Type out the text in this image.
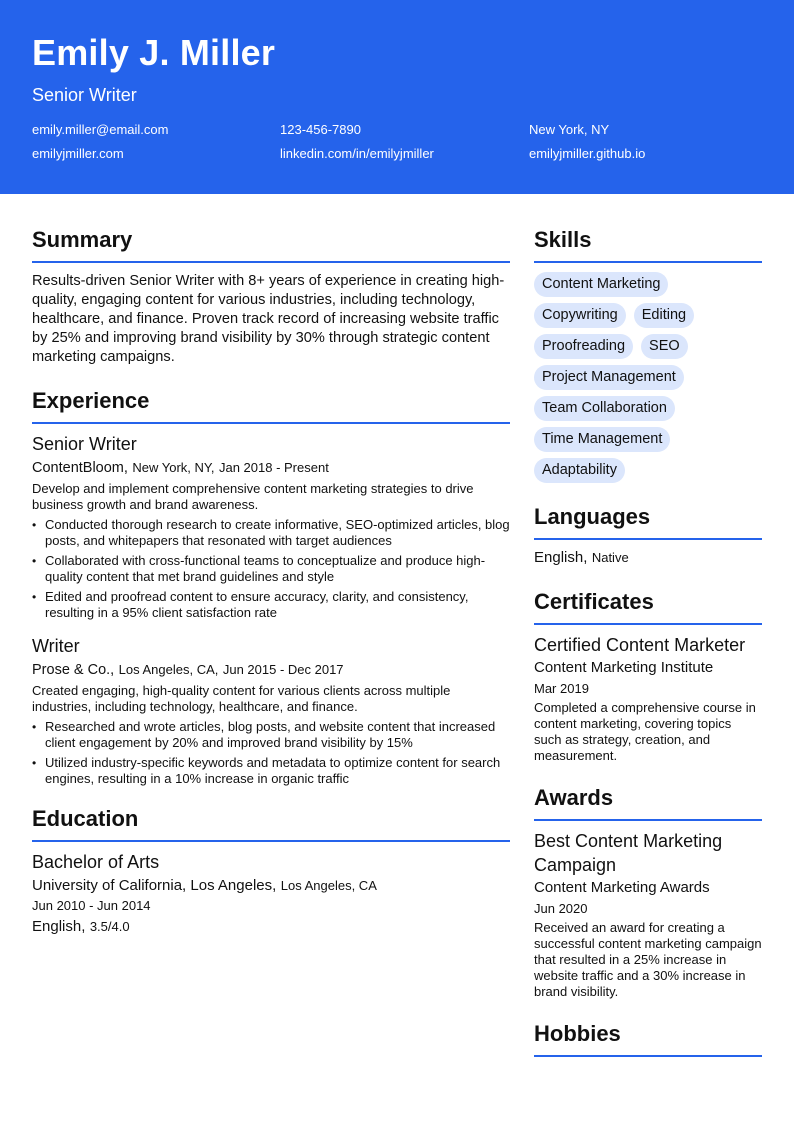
Emily J. Miller
Senior Writer
emily.miller@email.com	123-456-7890	New York, NY
emilyjmiller.com	linkedin.com/in/emilyjmiller	emilyjmiller.github.io
Summary
Results-driven Senior Writer with 8+ years of experience in creating high-quality, engaging content for various industries, including technology, healthcare, and finance. Proven track record of increasing website traffic by 25% and improving brand visibility by 30% through strategic content marketing campaigns.
Experience
Senior Writer
ContentBloom, New York, NY, Jan 2018 - Present
Develop and implement comprehensive content marketing strategies to drive business growth and brand awareness.
• Conducted thorough research to create informative, SEO-optimized articles, blog posts, and whitepapers that resonated with target audiences
• Collaborated with cross-functional teams to conceptualize and produce high-quality content that met brand guidelines and style
• Edited and proofread content to ensure accuracy, clarity, and consistency, resulting in a 95% client satisfaction rate
Writer
Prose & Co., Los Angeles, CA, Jun 2015 - Dec 2017
Created engaging, high-quality content for various clients across multiple industries, including technology, healthcare, and finance.
• Researched and wrote articles, blog posts, and website content that increased client engagement by 20% and improved brand visibility by 15%
• Utilized industry-specific keywords and metadata to optimize content for search engines, resulting in a 10% increase in organic traffic
Education
Bachelor of Arts
University of California, Los Angeles, Los Angeles, CA
Jun 2010 - Jun 2014
English, 3.5/4.0
Skills
Content Marketing
Copywriting	Editing
Proofreading	SEO
Project Management
Team Collaboration
Time Management
Adaptability
Languages
English, Native
Certificates
Certified Content Marketer
Content Marketing Institute
Mar 2019
Completed a comprehensive course in content marketing, covering topics such as strategy, creation, and measurement.
Awards
Best Content Marketing Campaign
Content Marketing Awards
Jun 2020
Received an award for creating a successful content marketing campaign that resulted in a 25% increase in website traffic and a 30% increase in brand visibility.
Hobbies
